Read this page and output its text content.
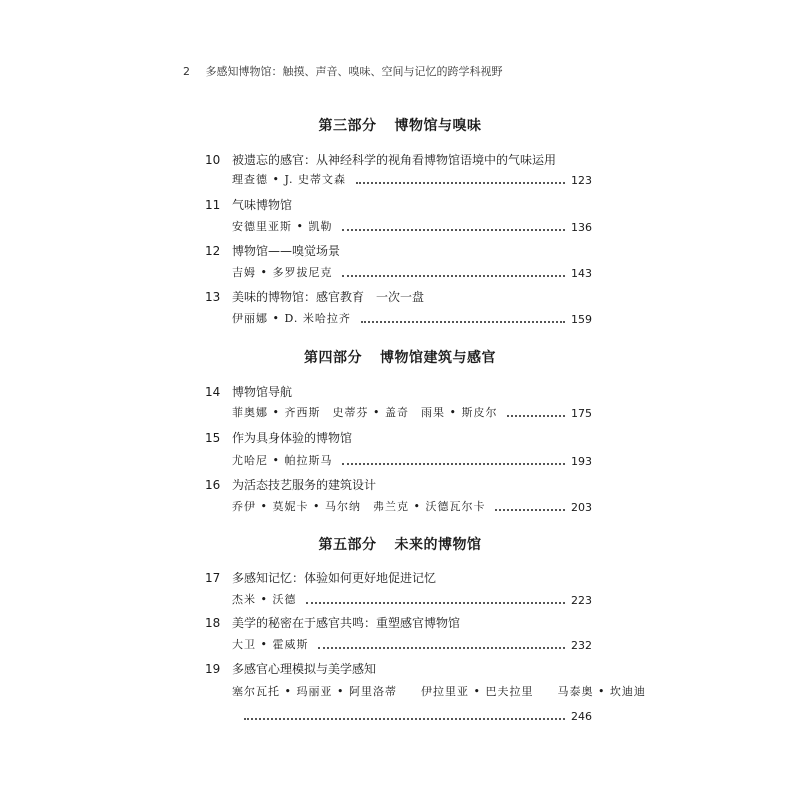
2 多感知博物馆：触摸、声音、嗅味、空间与记忆的跨学科视野
第三部分 博物馆与嗅味
10 被遗忘的感官：从神经科学的视角看博物馆语境中的气味运用
理查德 • J. 史蒂文森	123
11 气味博物馆
安德里亚斯 • 凯勒	136
12 博物馆——嗅觉场景
吉姆 • 多罗拔尼克	143
13 美味的博物馆：感官教育　一次一盘
伊丽娜 • D. 米哈拉齐	159
第四部分 博物馆建筑与感官
14 博物馆导航
菲奥娜 • 齐西斯　史蒂芬 • 盖奇　雨果 • 斯皮尔	175
15 作为具身体验的博物馆
尤哈尼 • 帕拉斯马	193
16 为活态技艺服务的建筑设计
乔伊 • 莫妮卡 • 马尔纳　弗兰克 • 沃德瓦尔卡	203
第五部分 未来的博物馆
17 多感知记忆：体验如何更好地促进记忆
杰米 • 沃德	223
18 美学的秘密在于感官共鸣：重塑感官博物馆
大卫 • 霍威斯	232
19 多感官心理模拟与美学感知
塞尔瓦托 • 玛丽亚 • 阿里洛蒂 伊拉里亚 • 巴夫拉里 马泰奥 • 坎迪迪
246
